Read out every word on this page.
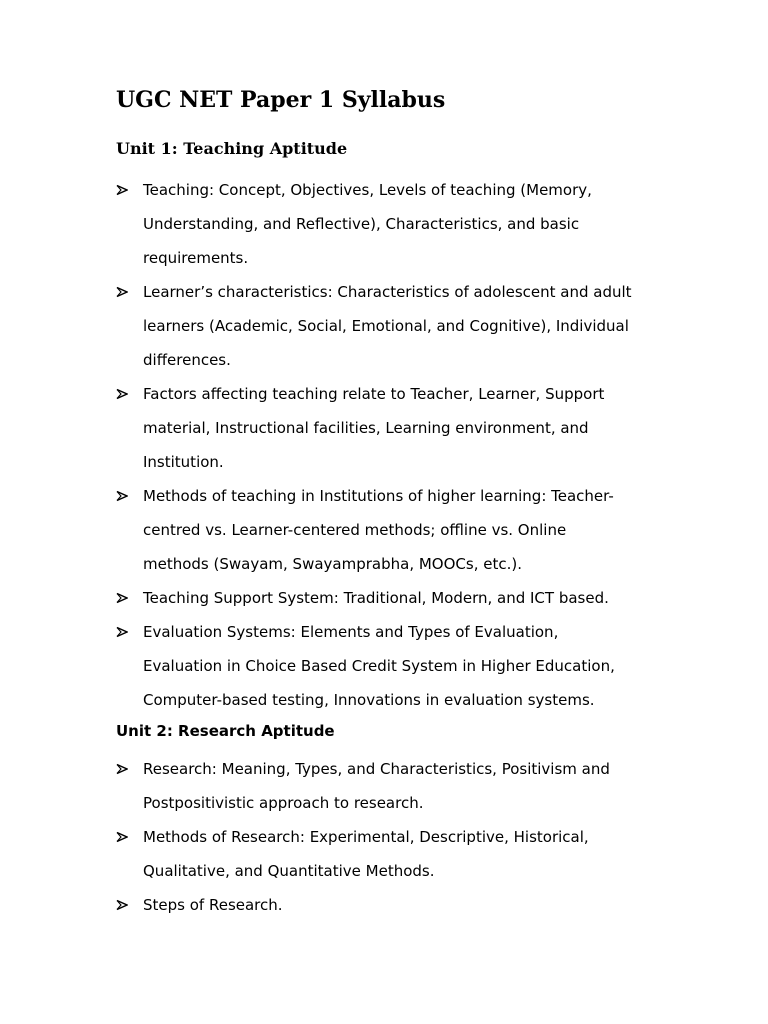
UGC NET Paper 1 Syllabus
Unit 1: Teaching Aptitude
Teaching: Concept, Objectives, Levels of teaching (Memory,
Understanding, and Reflective), Characteristics, and basic
requirements.
Learner’s characteristics: Characteristics of adolescent and adult
learners (Academic, Social, Emotional, and Cognitive), Individual
differences.
Factors affecting teaching relate to Teacher, Learner, Support
material, Instructional facilities, Learning environment, and
Institution.
Methods of teaching in Institutions of higher learning: Teacher-
centred vs. Learner-centered methods; offline vs. Online
methods (Swayam, Swayamprabha, MOOCs, etc.).
Teaching Support System: Traditional, Modern, and ICT based.
Evaluation Systems: Elements and Types of Evaluation,
Evaluation in Choice Based Credit System in Higher Education,
Computer-based testing, Innovations in evaluation systems.
Unit 2: Research Aptitude
Research: Meaning, Types, and Characteristics, Positivism and
Postpositivistic approach to research.
Methods of Research: Experimental, Descriptive, Historical,
Qualitative, and Quantitative Methods.
Steps of Research.
